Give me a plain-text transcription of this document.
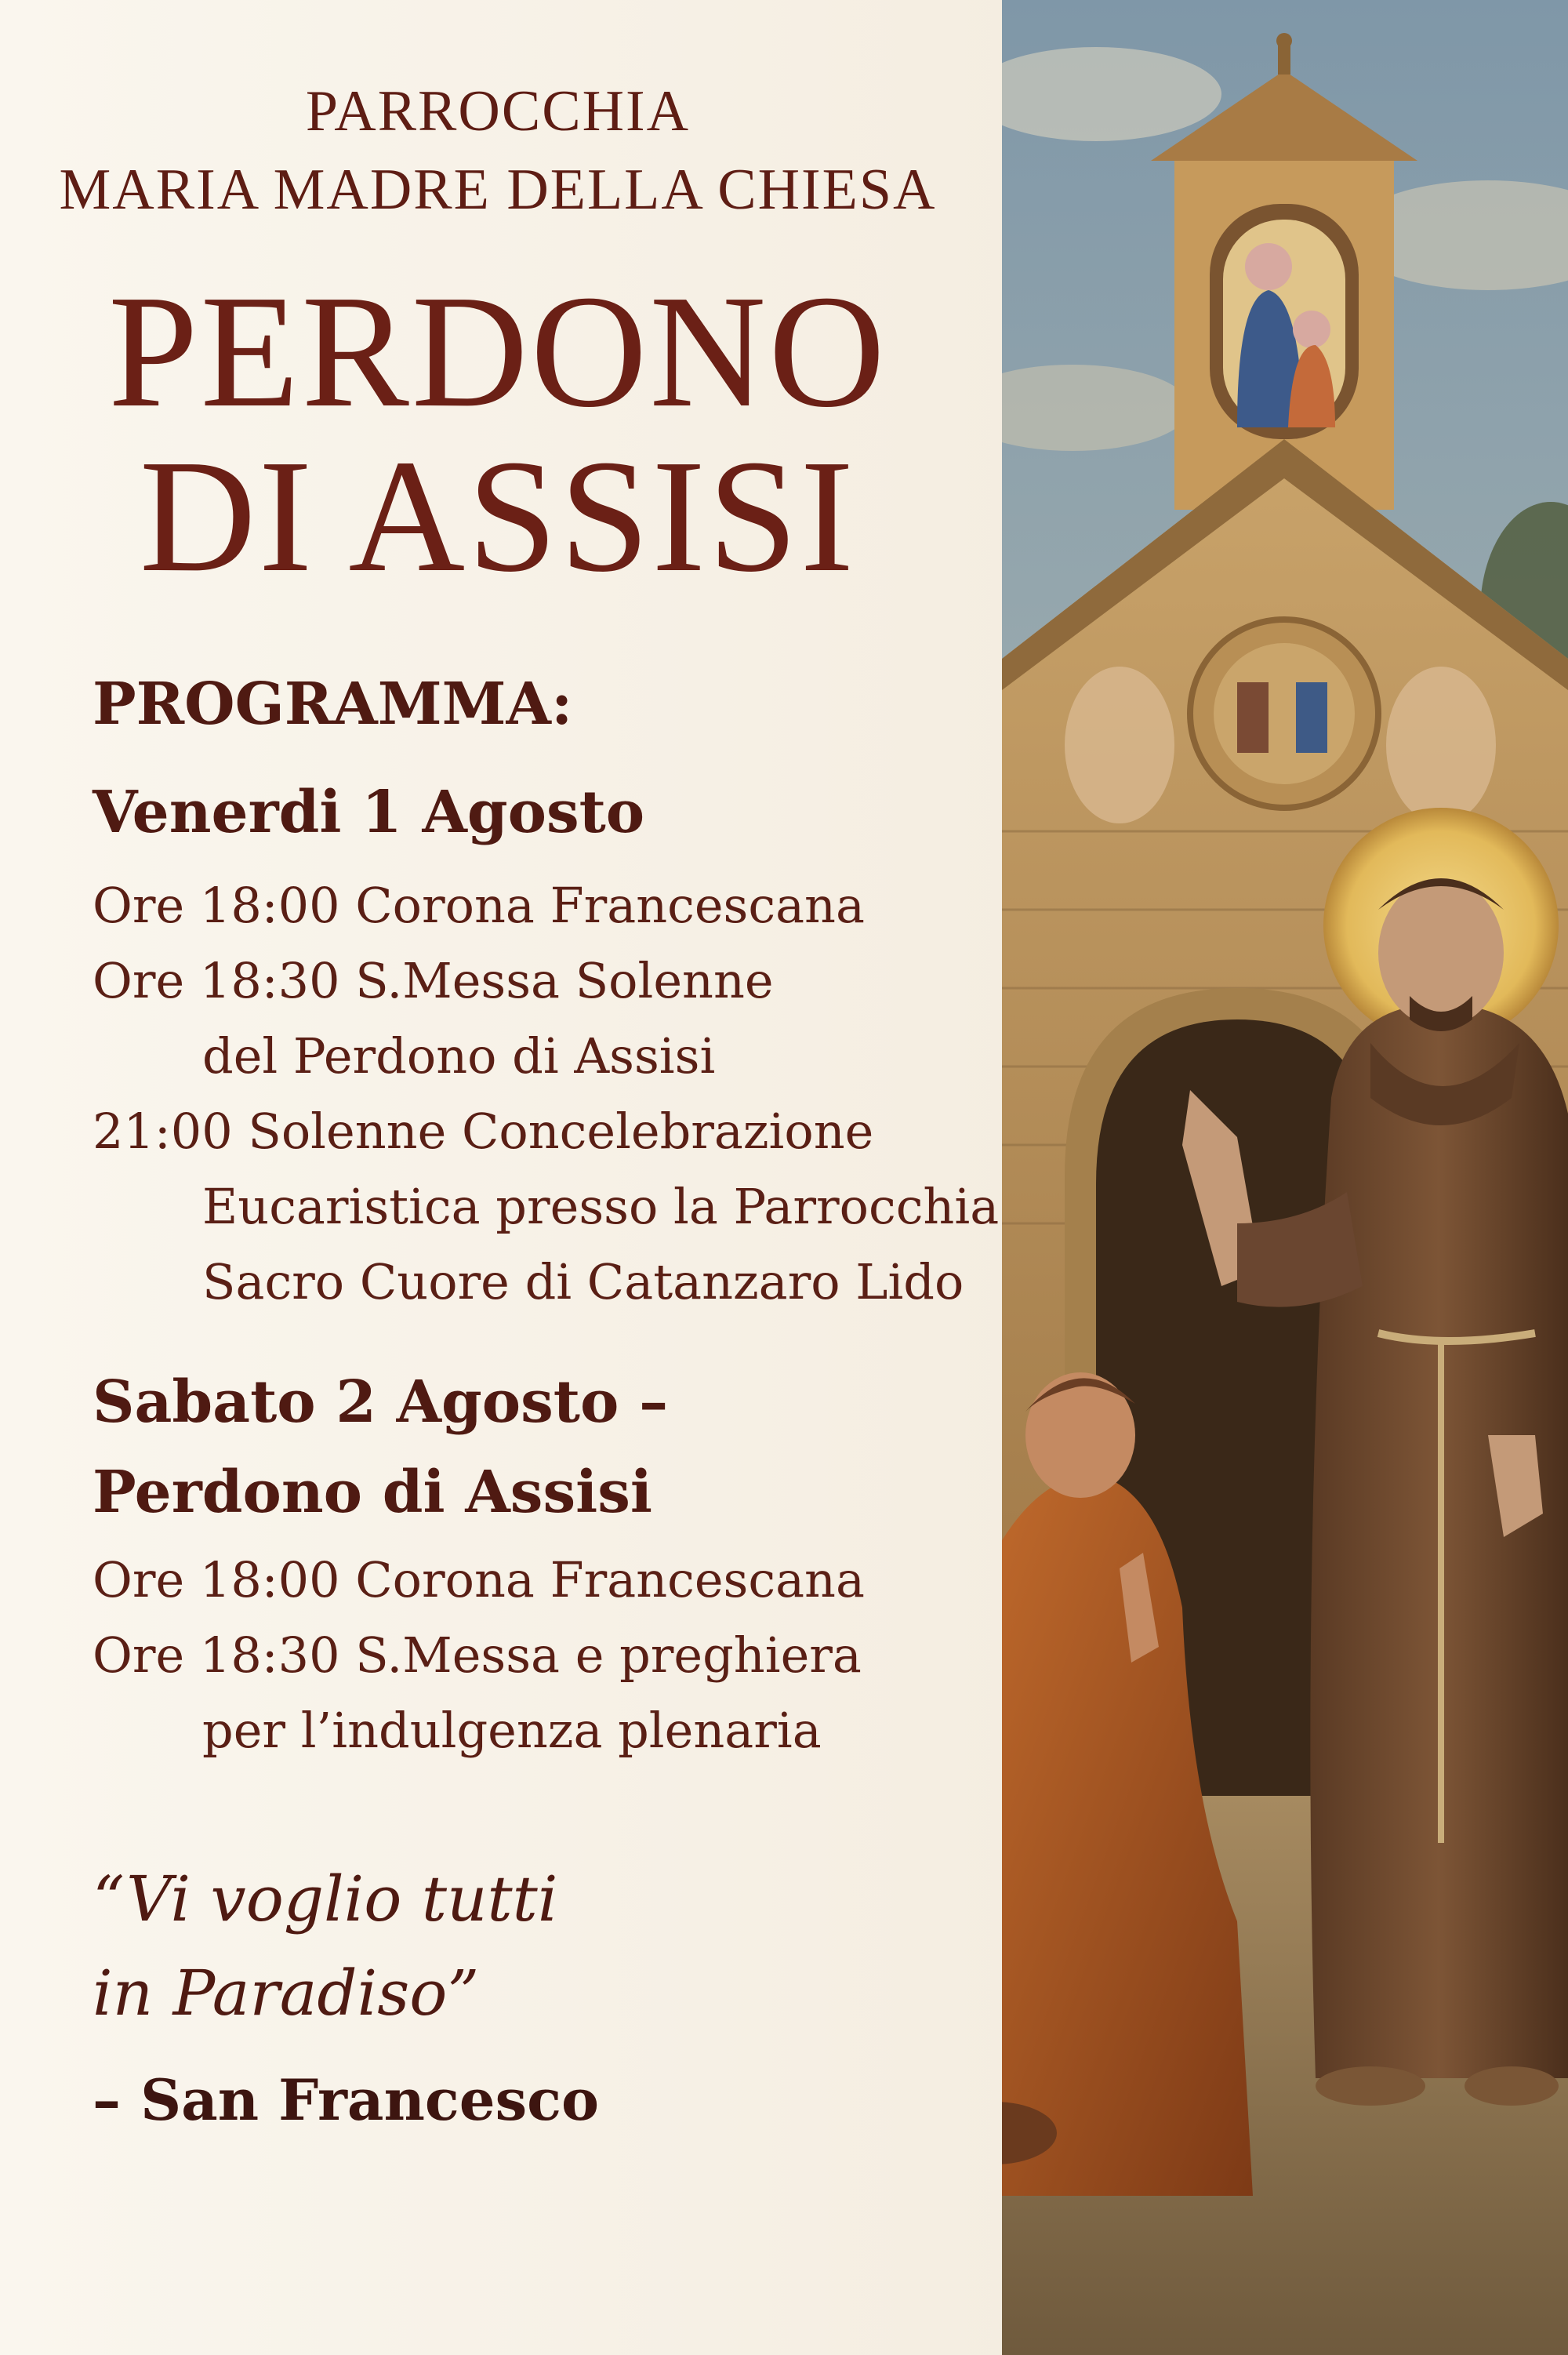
PARROCCHIA
MARIA MADRE DELLA CHIESA
PERDONO
DI ASSISI
PROGRAMMA:
Venerdi 1 Agosto
Ore 18:00 Corona Francescana
Ore 18:30 S.Messa Solenne
del Perdono di Assisi
21:00 Solenne Concelebrazione
Eucaristica presso la Parrocchia
Sacro Cuore di Catanzaro Lido
Sabato 2 Agosto –
Perdono di Assisi
Ore 18:00 Corona Francescana
Ore 18:30 S.Messa e preghiera
per l’indulgenza plenaria
“Vi voglio tutti
in Paradiso”
– San Francesco
